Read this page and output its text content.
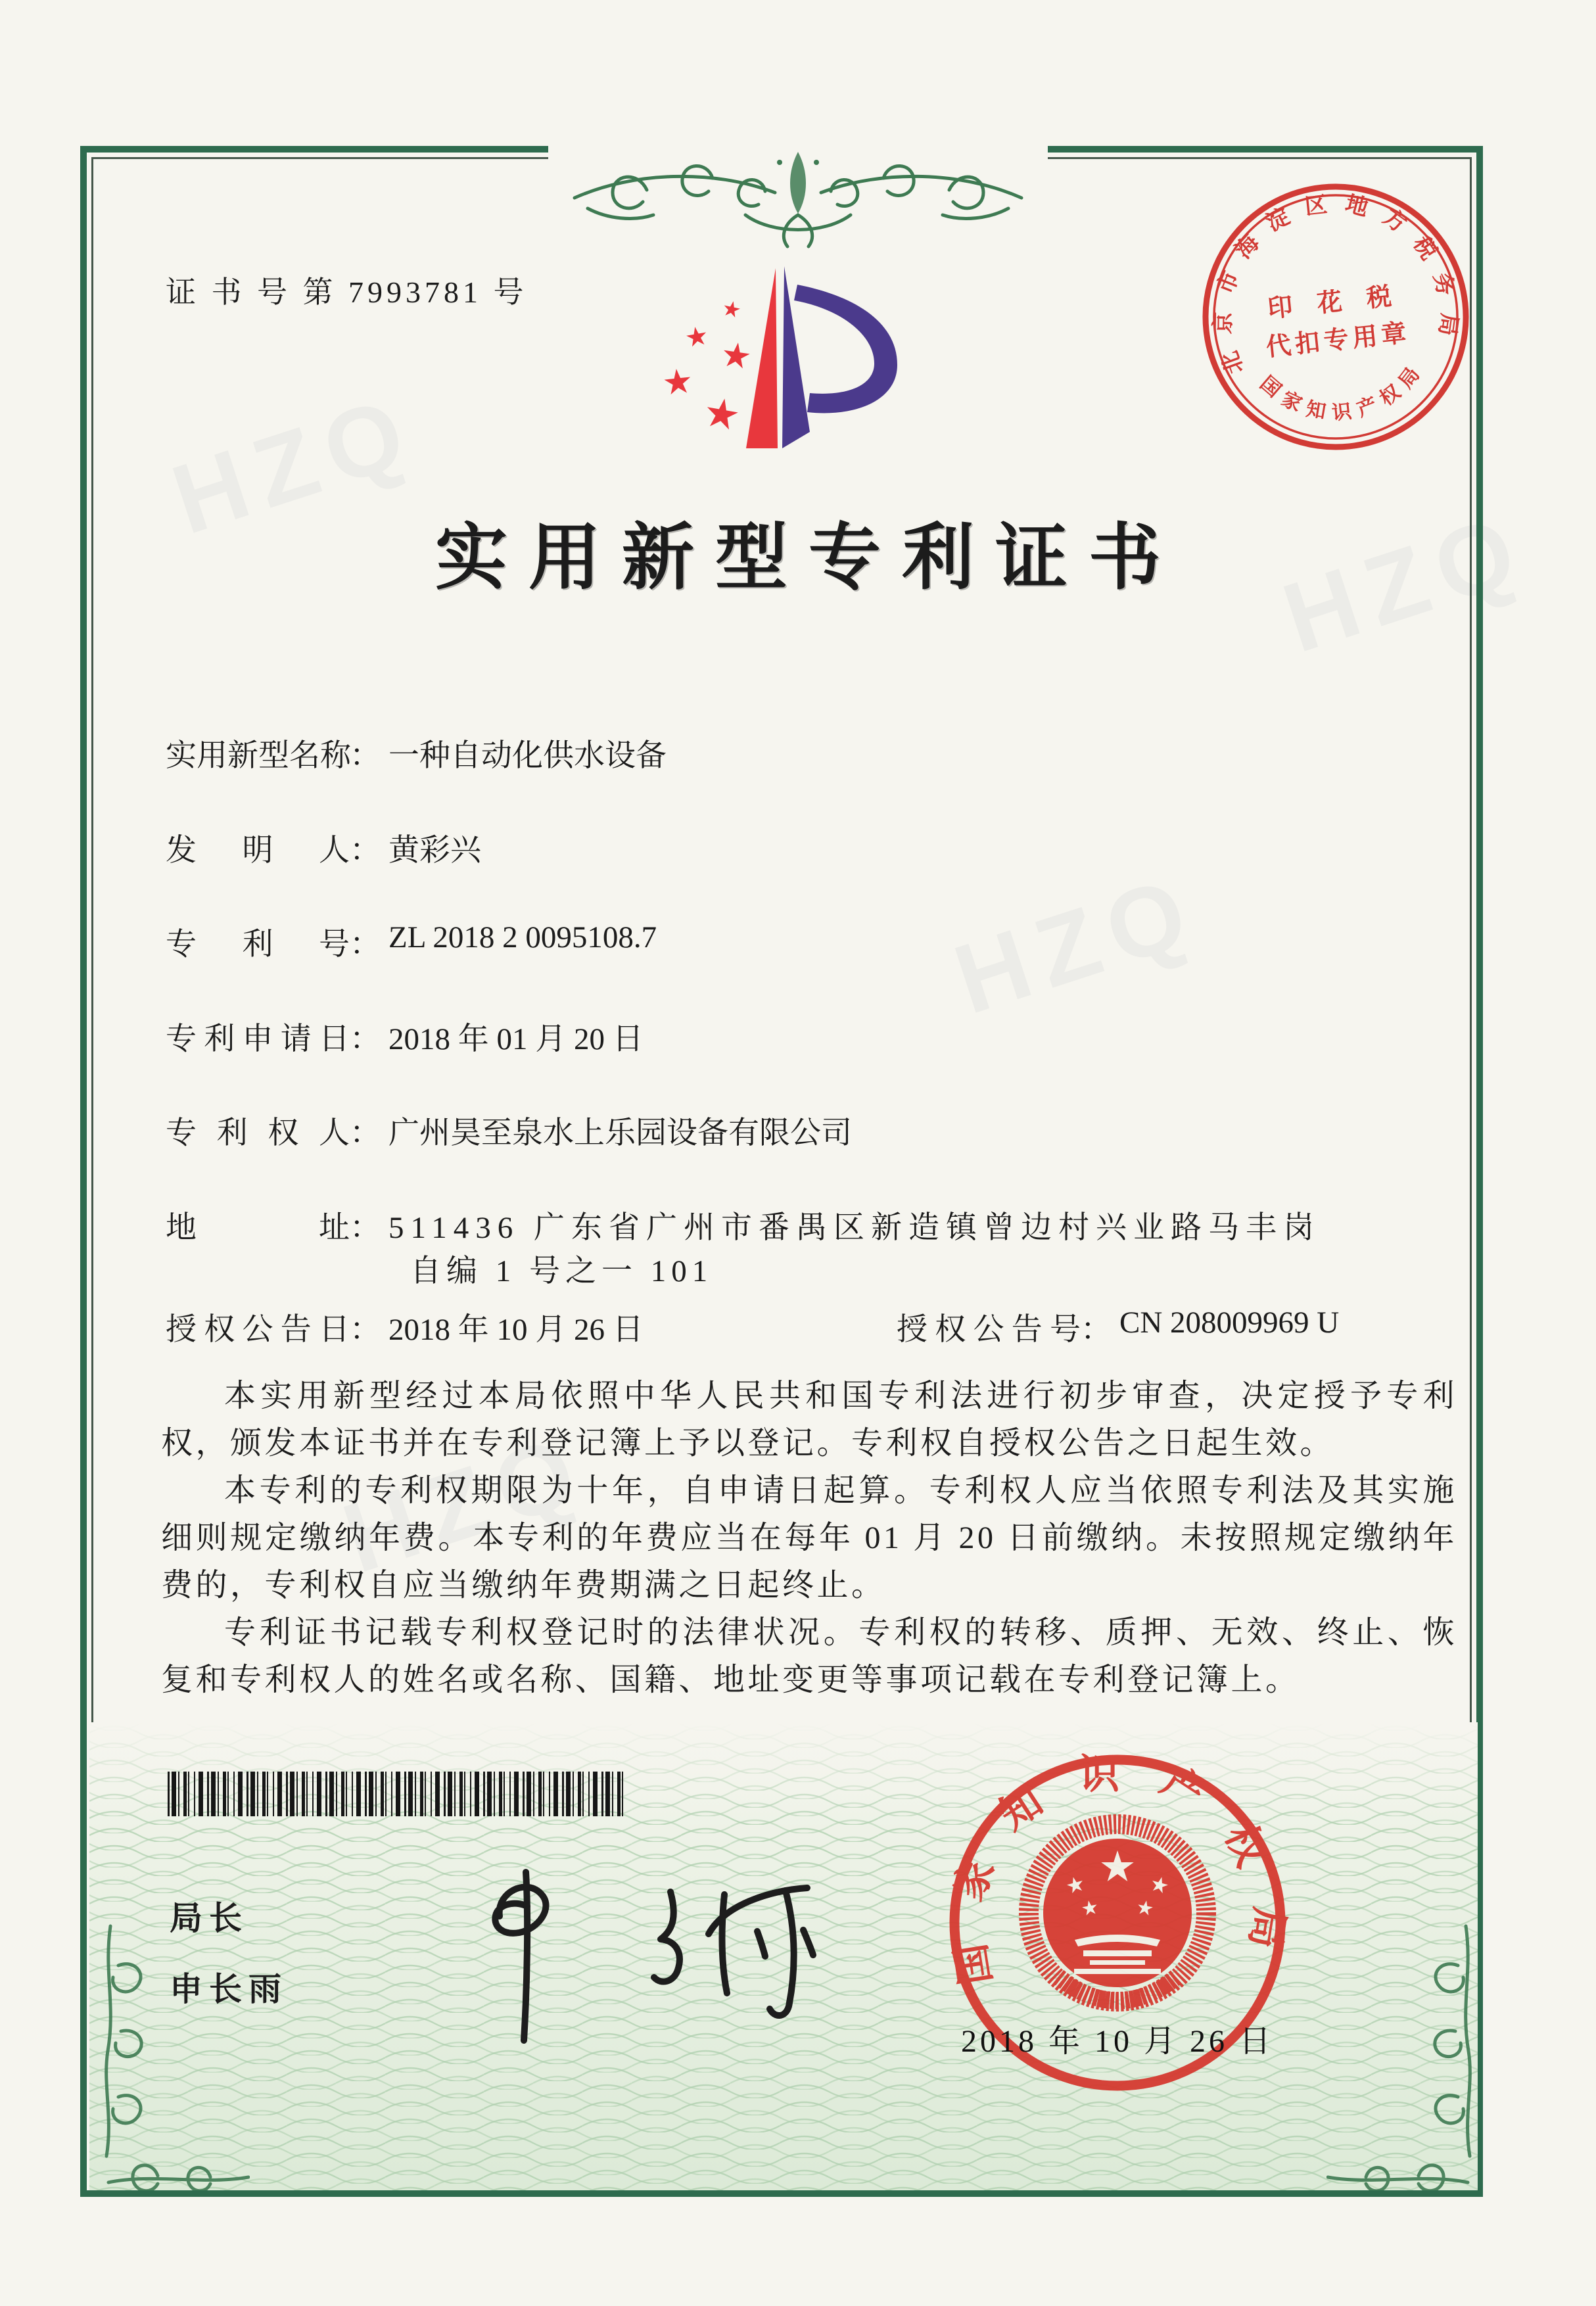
HZQ
HZQ
HZQ
HZQ
证 书 号 第 7993781 号
北京市海淀区地方税务局
国家知识产权局
印 花 税
代扣专用章
实用新型专利证书
实用新型名称： 一种自动化供水设备
发明人： 黄彩兴
专利号： ZL 2018 2 0095108.7
专利申请日： 2018 年 01 月 20 日
专利权人： 广州昊至泉水上乐园设备有限公司
地址： 511436 广东省广州市番禺区新造镇曾边村兴业路马丰岗
自编 1 号之一 101
授权公告日： 2018 年 10 月 26 日	授权公告号： CN 208009969 U

本实用新型经过本局依照中华人民共和国专利法进行初步审查，决定授予专利权，颁发本证书并在专利登记簿上予以登记。专利权自授权公告之日起生效。

本专利的专利权期限为十年，自申请日起算。专利权人应当依照专利法及其实施细则规定缴纳年费。本专利的年费应当在每年 01 月 20 日前缴纳。未按照规定缴纳年费的，专利权自应当缴纳年费期满之日起终止。

专利证书记载专利权登记时的法律状况。专利权的转移、质押、无效、终止、恢复和专利权人的姓名或名称、国籍、地址变更等事项记载在专利登记簿上。

局长
申长雨
国家知识产权局
2018 年 10 月 26 日
